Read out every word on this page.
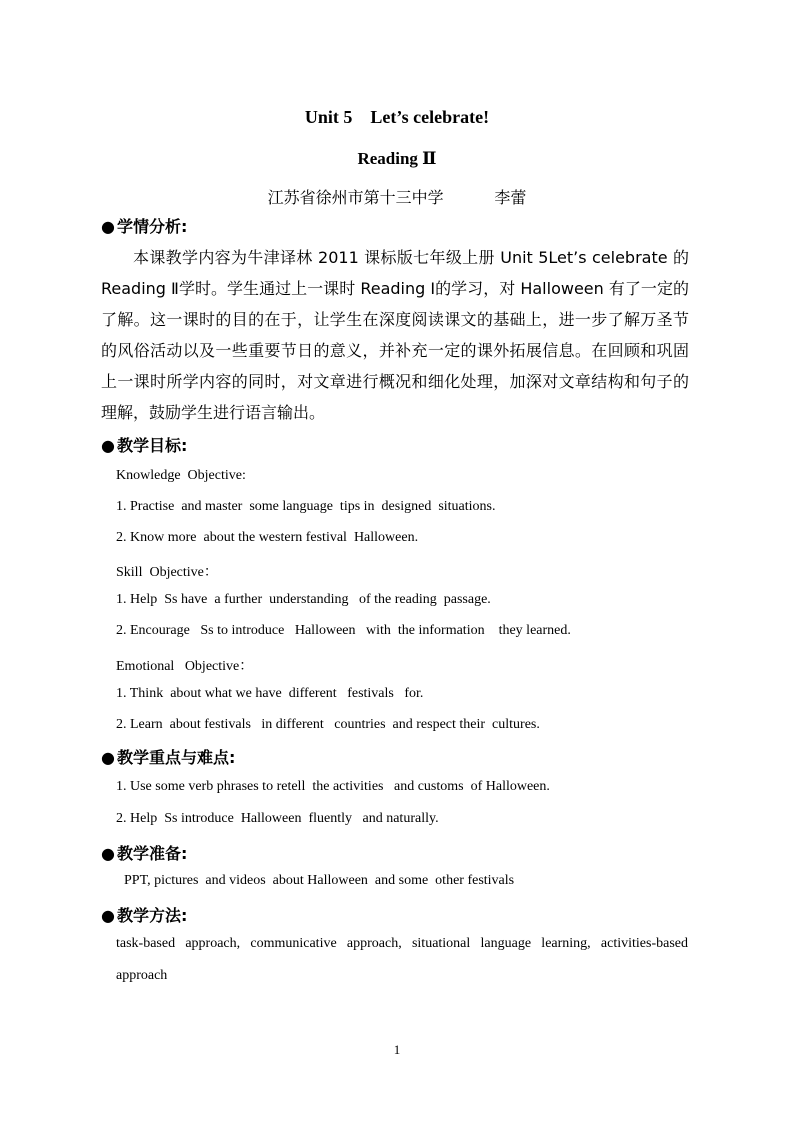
Unit 5    Let’s celebrate!
Reading Ⅱ
江苏省徐州市第十三中学          李蕾
● 学情分析:
本课教学内容为牛津译林 2011 课标版七年级上册 Unit 5Let’s celebrate 的 Reading Ⅱ学时。学生通过上一课时 Reading Ⅰ的学习，对 Halloween 有了一定的了解。这一课时的目的在于，让学生在深度阅读课文的基础上，进一步了解万圣节的风俗活动以及一些重要节日的意义，并补充一定的课外拓展信息。在回顾和巩固上一课时所学内容的同时，对文章进行概况和细化处理，加深对文章结构和句子的理解，鼓励学生进行语言输出。
● 教学目标:
Knowledge  Objective:
1. Practise  and master  some language  tips in  designed  situations.
2. Know more  about the western festival  Halloween.
Skill  Objective：
1. Help  Ss have  a further  understanding   of the reading  passage.
2. Encourage   Ss to introduce   Halloween   with  the information    they learned.
Emotional   Objective：
1. Think  about what we have  different   festivals   for.
2. Learn  about festivals   in different   countries  and respect their  cultures.
● 教学重点与难点:
1. Use some verb phrases to retell  the activities   and customs  of Halloween.
2. Help  Ss introduce  Halloween  fluently   and naturally.
● 教学准备:
PPT, pictures  and videos  about Halloween  and some  other festivals
● 教学方法:
task-based approach, communicative approach, situational language learning, activities-based approach
1
